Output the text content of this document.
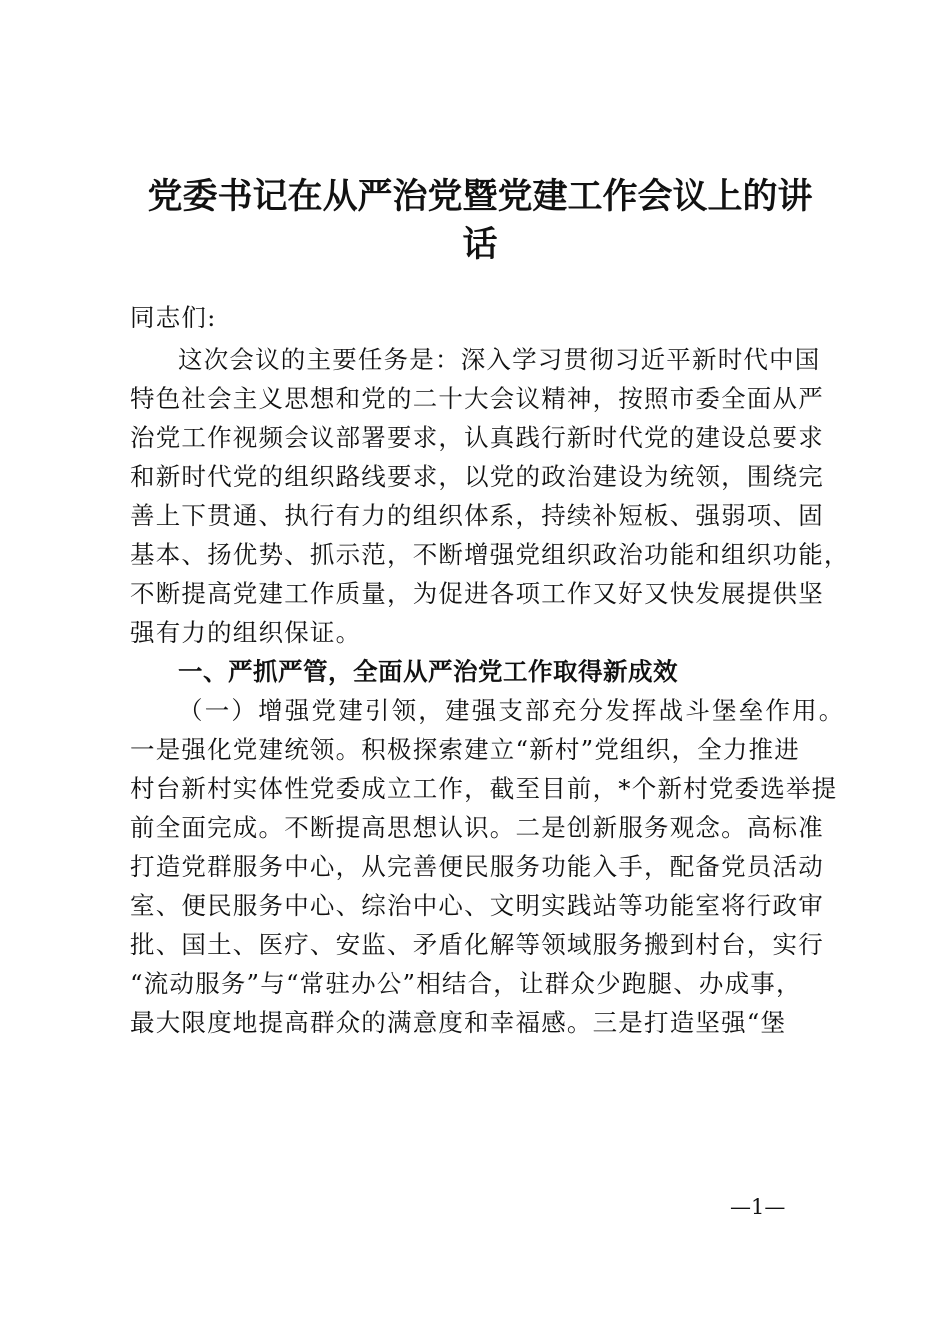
党委书记在从严治党暨党建工作会议上的讲
话
同志们:
这次会议的主要任务是：深入学习贯彻习近平新时代中国
特色社会主义思想和党的二十大会议精神，按照市委全面从严
治党工作视频会议部署要求，认真践行新时代党的建设总要求
和新时代党的组织路线要求，以党的政治建设为统领，围绕完
善上下贯通、执行有力的组织体系，持续补短板、强弱项、固
基本、扬优势、抓示范，不断增强党组织政治功能和组织功能，
不断提高党建工作质量，为促进各项工作又好又快发展提供坚
强有力的组织保证。
一、严抓严管，全面从严治党工作取得新成效
（一）增强党建引领，建强支部充分发挥战斗堡垒作用。
一是强化党建统领。积极探索建立“新村”党组织，全力推进
村台新村实体性党委成立工作，截至目前，*个新村党委选举提
前全面完成。不断提高思想认识。二是创新服务观念。高标准
打造党群服务中心，从完善便民服务功能入手，配备党员活动
室、便民服务中心、综治中心、文明实践站等功能室将行政审
批、国土、医疗、安监、矛盾化解等领域服务搬到村台，实行
“流动服务”与“常驻办公”相结合，让群众少跑腿、办成事，
最大限度地提高群众的满意度和幸福感。三是打造坚强“堡
—1—
